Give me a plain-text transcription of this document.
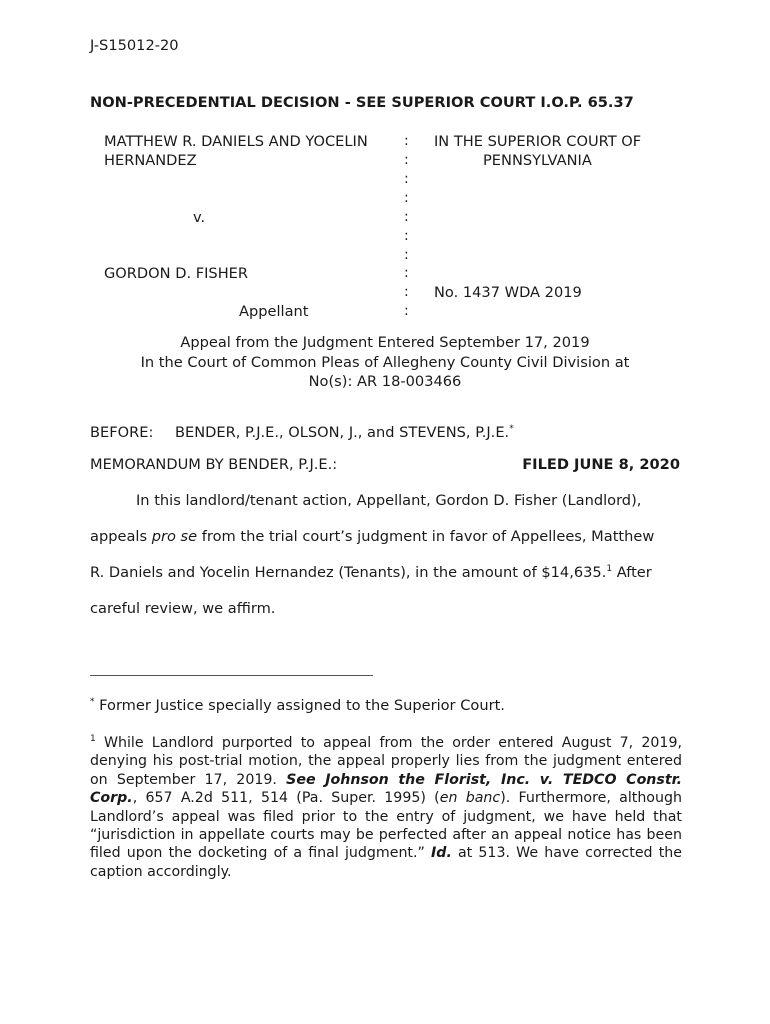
J-S15012-20
NON-PRECEDENTIAL DECISION - SEE SUPERIOR COURT I.O.P. 65.37
MATTHEW R. DANIELS AND YOCELIN
HERNANDEZ
v.
GORDON D. FISHER
Appellant
:
:
:
:
:
:
:
:
:
:
IN THE SUPERIOR COURT OF
PENNSYLVANIA
No. 1437 WDA 2019
Appeal from the Judgment Entered September 17, 2019
In the Court of Common Pleas of Allegheny County Civil Division at
No(s): AR 18-003466
BEFORE: BENDER, P.J.E., OLSON, J., and STEVENS, P.J.E.*
MEMORANDUM BY BENDER, P.J.E.:	FILED JUNE 8, 2020
In this landlord/tenant action, Appellant, Gordon D. Fisher (Landlord),
appeals pro se from the trial court’s judgment in favor of Appellees, Matthew
R. Daniels and Yocelin Hernandez (Tenants), in the amount of $14,635.$^1$ After
careful review, we affirm.
* Former Justice specially assigned to the Superior Court.
$^1$ While Landlord purported to appeal from the order entered August 7, 2019, denying his post-trial motion, the appeal properly lies from the judgment entered on September 17, 2019. See Johnson the Florist, Inc. v. TEDCO Constr. Corp., 657 A.2d 511, 514 (Pa. Super. 1995) (en banc). Furthermore, although Landlord’s appeal was filed prior to the entry of judgment, we have held that “jurisdiction in appellate courts may be perfected after an appeal notice has been filed upon the docketing of a final judgment.” Id. at 513. We have corrected the caption accordingly.
